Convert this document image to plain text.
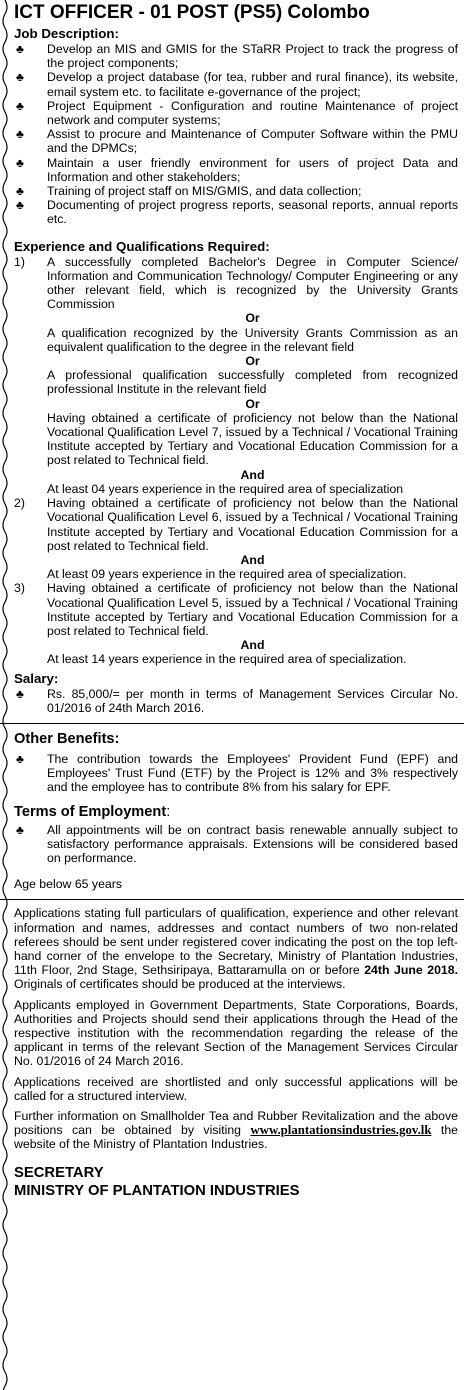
ICT OFFICER - 01 POST (PS5) Colombo
Job Description:
♣ Develop an MIS and GMIS for the STaRR Project to track the progress of the project components;
♣ Develop a project database (for tea, rubber and rural finance), its website, email system etc. to facilitate e-governance of the project;
♣ Project Equipment - Configuration and routine Maintenance of project network and computer systems;
♣ Assist to procure and Maintenance of Computer Software within the PMU and the DPMCs;
♣ Maintain a user friendly environment for users of project Data and Information and other stakeholders;
♣ Training of project staff on MIS/GMIS, and data collection;
♣ Documenting of project progress reports, seasonal reports, annual reports etc.
Experience and Qualifications Required:
1) A successfully completed Bachelor's Degree in Computer Science/ Information and Communication Technology/ Computer Engineering or any other relevant field, which is recognized by the University Grants Commission
Or
A qualification recognized by the University Grants Commission as an equivalent qualification to the degree in the relevant field
Or
A professional qualification successfully completed from recognized professional Institute in the relevant field
Or
Having obtained a certificate of proficiency not below than the National Vocational Qualification Level 7, issued by a Technical / Vocational Training Institute accepted by Tertiary and Vocational Education Commission for a post related to Technical field.
And
At least 04 years experience in the required area of specialization
2) Having obtained a certificate of proficiency not below than the National Vocational Qualification Level 6, issued by a Technical / Vocational Training Institute accepted by Tertiary and Vocational Education Commission for a post related to Technical field.
And
At least 09 years experience in the required area of specialization.
3) Having obtained a certificate of proficiency not below than the National Vocational Qualification Level 5, issued by a Technical / Vocational Training Institute accepted by Tertiary and Vocational Education Commission for a post related to Technical field.
And
At least 14 years experience in the required area of specialization.
Salary:
♣ Rs. 85,000/= per month in terms of Management Services Circular No. 01/2016 of 24th March 2016.
Other Benefits:
♣ The contribution towards the Employees' Provident Fund (EPF) and Employees' Trust Fund (ETF) by the Project is 12% and 3% respectively and the employee has to contribute 8% from his salary for EPF.
Terms of Employment:
♣ All appointments will be on contract basis renewable annually subject to satisfactory performance appraisals. Extensions will be considered based on performance.
Age below 65 years
Applications stating full particulars of qualification, experience and other relevant information and names, addresses and contact numbers of two non-related referees should be sent under registered cover indicating the post on the top left-hand corner of the envelope to the Secretary, Ministry of Plantation Industries, 11th Floor, 2nd Stage, Sethsiripaya, Battaramulla on or before 24th June 2018. Originals of certificates should be produced at the interviews.
Applicants employed in Government Departments, State Corporations, Boards, Authorities and Projects should send their applications through the Head of the respective institution with the recommendation regarding the release of the applicant in terms of the relevant Section of the Management Services Circular No. 01/2016 of 24 March 2016.
Applications received are shortlisted and only successful applications will be called for a structured interview.
Further information on Smallholder Tea and Rubber Revitalization and the above positions can be obtained by visiting www.plantationsindustries.gov.lk the website of the Ministry of Plantation Industries.
SECRETARY
MINISTRY OF PLANTATION INDUSTRIES
